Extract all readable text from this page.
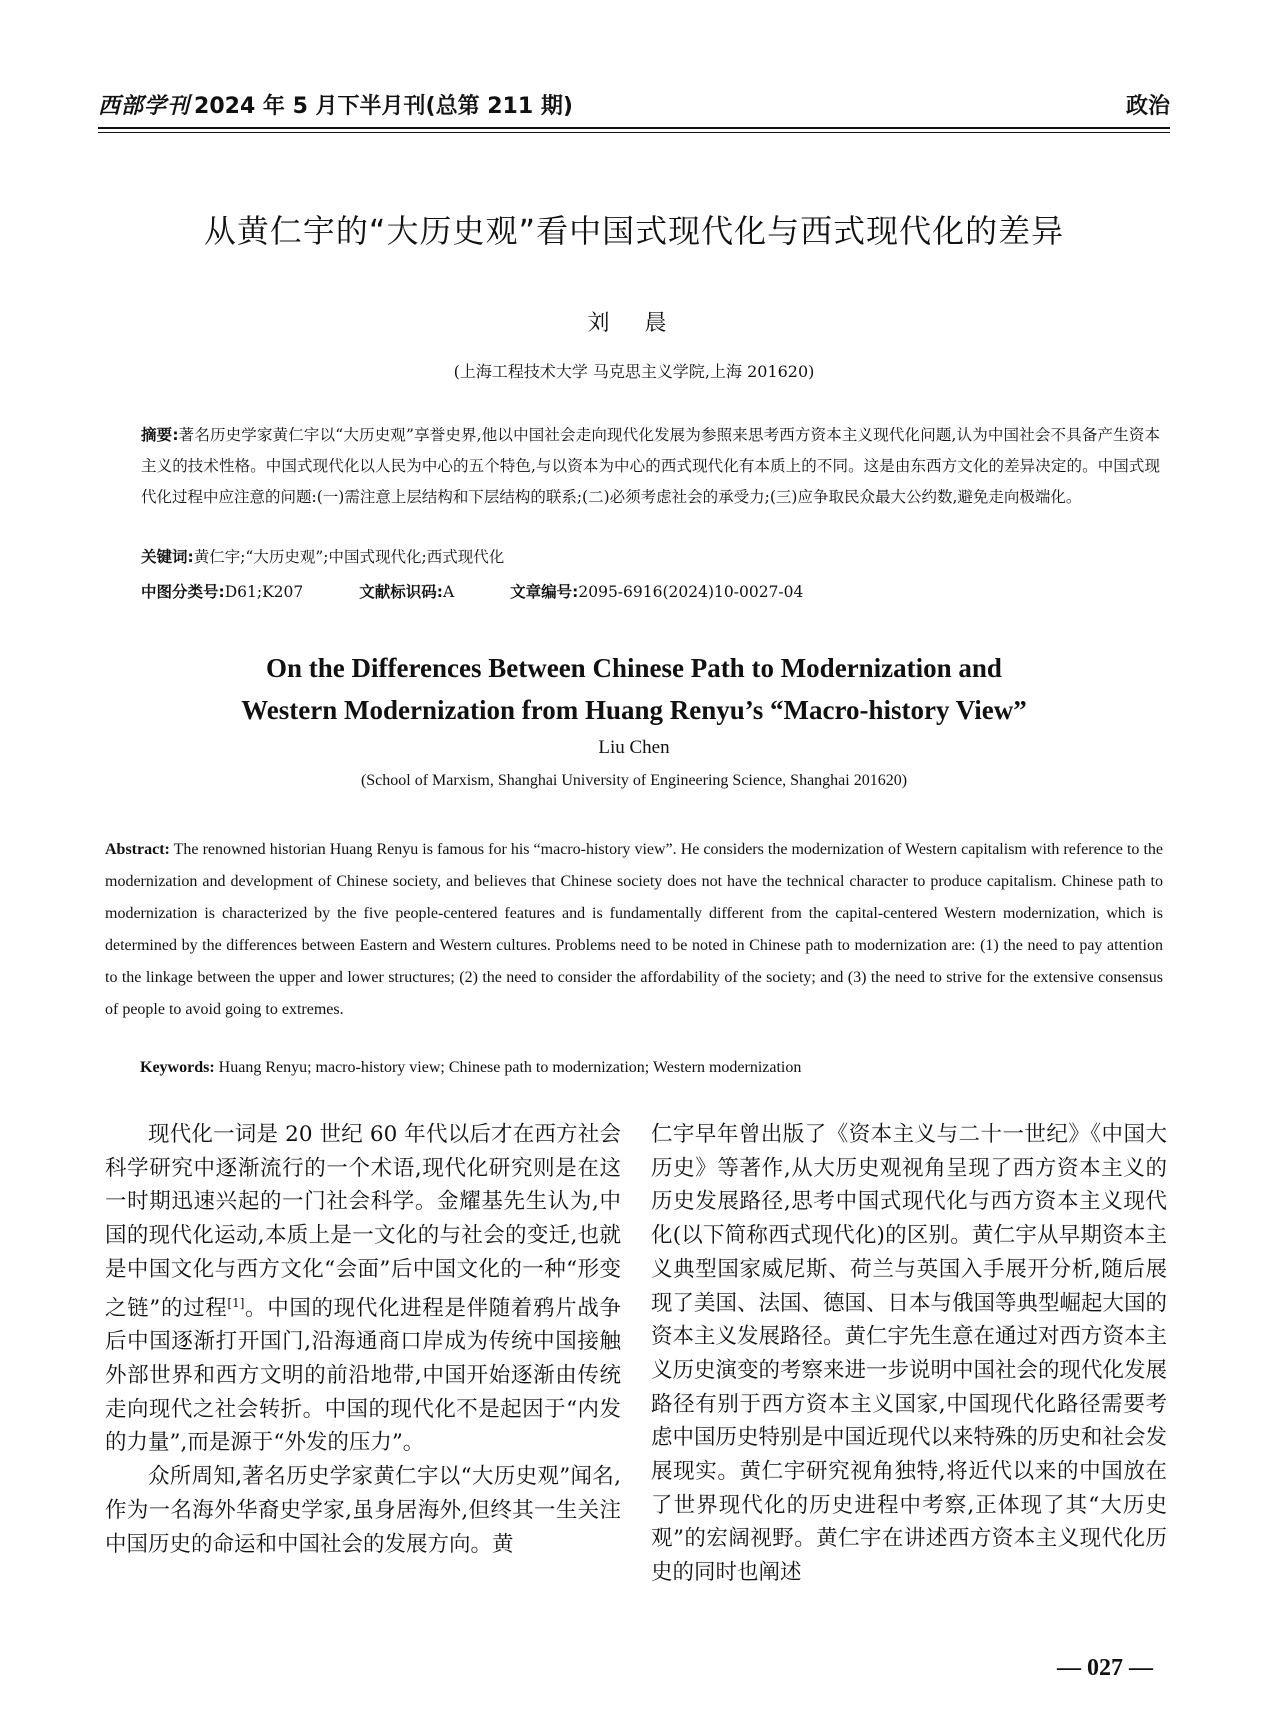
西部学刊 2024 年 5 月下半月刊(总第 211 期)	政治
从黄仁宇的“大历史观”看中国式现代化与西式现代化的差异
刘 晨
(上海工程技术大学 马克思主义学院,上海 201620)
摘要:著名历史学家黄仁宇以“大历史观”享誉史界,他以中国社会走向现代化发展为参照来思考西方资本主义现代化问题,认为中国社会不具备产生资本主义的技术性格。中国式现代化以人民为中心的五个特色,与以资本为中心的西式现代化有本质上的不同。这是由东西方文化的差异决定的。中国式现代化过程中应注意的问题:(一)需注意上层结构和下层结构的联系;(二)必须考虑社会的承受力;(三)应争取民众最大公约数,避免走向极端化。
关键词:黄仁宇;“大历史观”;中国式现代化;西式现代化
中图分类号:D61;K207	文献标识码:A	文章编号:2095-6916(2024)10-0027-04
On the Differences Between Chinese Path to Modernization and
Western Modernization from Huang Renyu’s “Macro-history View”
Liu Chen
(School of Marxism, Shanghai University of Engineering Science, Shanghai 201620)
Abstract: The renowned historian Huang Renyu is famous for his “macro-history view”. He considers the modernization of Western capitalism with reference to the modernization and development of Chinese society, and believes that Chinese society does not have the technical character to produce capitalism. Chinese path to modernization is characterized by the five people-centered features and is fundamentally different from the capital-centered Western modernization, which is determined by the differences between Eastern and Western cultures. Problems need to be noted in Chinese path to modernization are: (1) the need to pay attention to the linkage between the upper and lower structures; (2) the need to consider the affordability of the society; and (3) the need to strive for the extensive consensus of people to avoid going to extremes.
Keywords: Huang Renyu; macro-history view; Chinese path to modernization; Western modernization

现代化一词是 20 世纪 60 年代以后才在西方社会科学研究中逐渐流行的一个术语,现代化研究则是在这一时期迅速兴起的一门社会科学。金耀基先生认为,中国的现代化运动,本质上是一文化的与社会的变迁,也就是中国文化与西方文化“会面”后中国文化的一种“形变之链”的过程[1]。中国的现代化进程是伴随着鸦片战争后中国逐渐打开国门,沿海通商口岸成为传统中国接触外部世界和西方文明的前沿地带,中国开始逐渐由传统走向现代之社会转折。中国的现代化不是起因于“内发的力量”,而是源于“外发的压力”。

众所周知,著名历史学家黄仁宇以“大历史观”闻名,作为一名海外华裔史学家,虽身居海外,但终其一生关注中国历史的命运和中国社会的发展方向。黄

仁宇早年曾出版了《资本主义与二十一世纪》《中国大历史》等著作,从大历史观视角呈现了西方资本主义的历史发展路径,思考中国式现代化与西方资本主义现代化(以下简称西式现代化)的区别。黄仁宇从早期资本主义典型国家威尼斯、荷兰与英国入手展开分析,随后展现了美国、法国、德国、日本与俄国等典型崛起大国的资本主义发展路径。黄仁宇先生意在通过对西方资本主义历史演变的考察来进一步说明中国社会的现代化发展路径有别于西方资本主义国家,中国现代化路径需要考虑中国历史特别是中国近现代以来特殊的历史和社会发展现实。黄仁宇研究视角独特,将近代以来的中国放在了世界现代化的历史进程中考察,正体现了其“大历史观”的宏阔视野。黄仁宇在讲述西方资本主义现代化历史的同时也阐述

— 027 —
